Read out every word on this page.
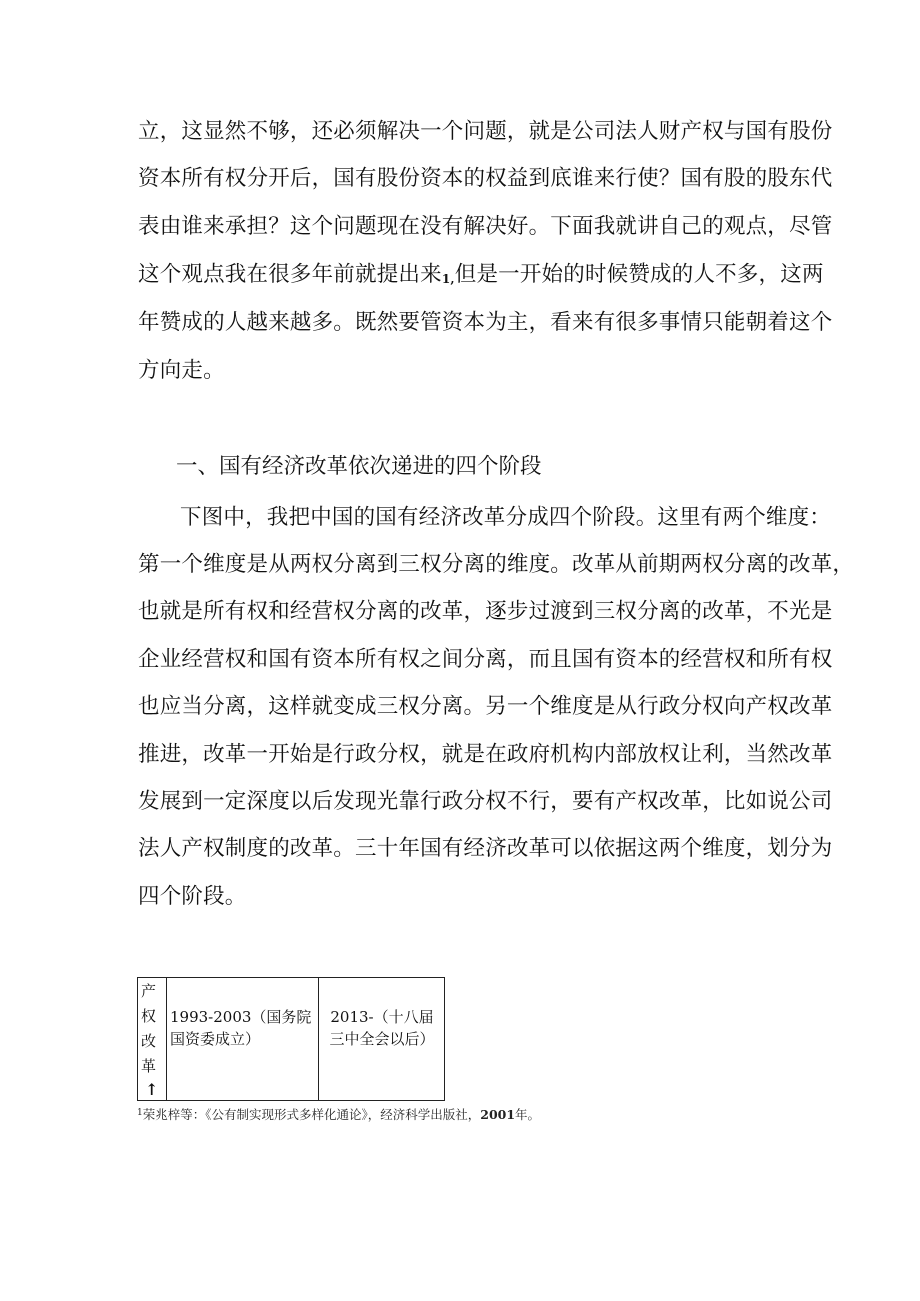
立，这显然不够，还必须解决一个问题，就是公司法人财产权与国有股份
资本所有权分开后，国有股份资本的权益到底谁来行使？国有股的股东代
表由谁来承担？这个问题现在没有解决好。下面我就讲自己的观点，尽管
这个观点我在很多年前就提出来1,但是一开始的时候赞成的人不多，这两
年赞成的人越来越多。既然要管资本为主，看来有很多事情只能朝着这个
方向走。
一、国有经济改革依次递进的四个阶段
下图中，我把中国的国有经济改革分成四个阶段。这里有两个维度：
第一个维度是从两权分离到三权分离的维度。改革从前期两权分离的改革，
也就是所有权和经营权分离的改革，逐步过渡到三权分离的改革，不光是
企业经营权和国有资本所有权之间分离，而且国有资本的经营权和所有权
也应当分离，这样就变成三权分离。另一个维度是从行政分权向产权改革
推进，改革一开始是行政分权，就是在政府机构内部放权让利，当然改革
发展到一定深度以后发现光靠行政分权不行，要有产权改革，比如说公司
法人产权制度的改革。三十年国有经济改革可以依据这两个维度，划分为
四个阶段。
产
权
改
革
↑
1993-2003（国务院国资委成立）
2013-（十八届三中全会以后）
$^1$荣兆梓等：《公有制实现形式多样化通论》，经济科学出版社，2001年。
